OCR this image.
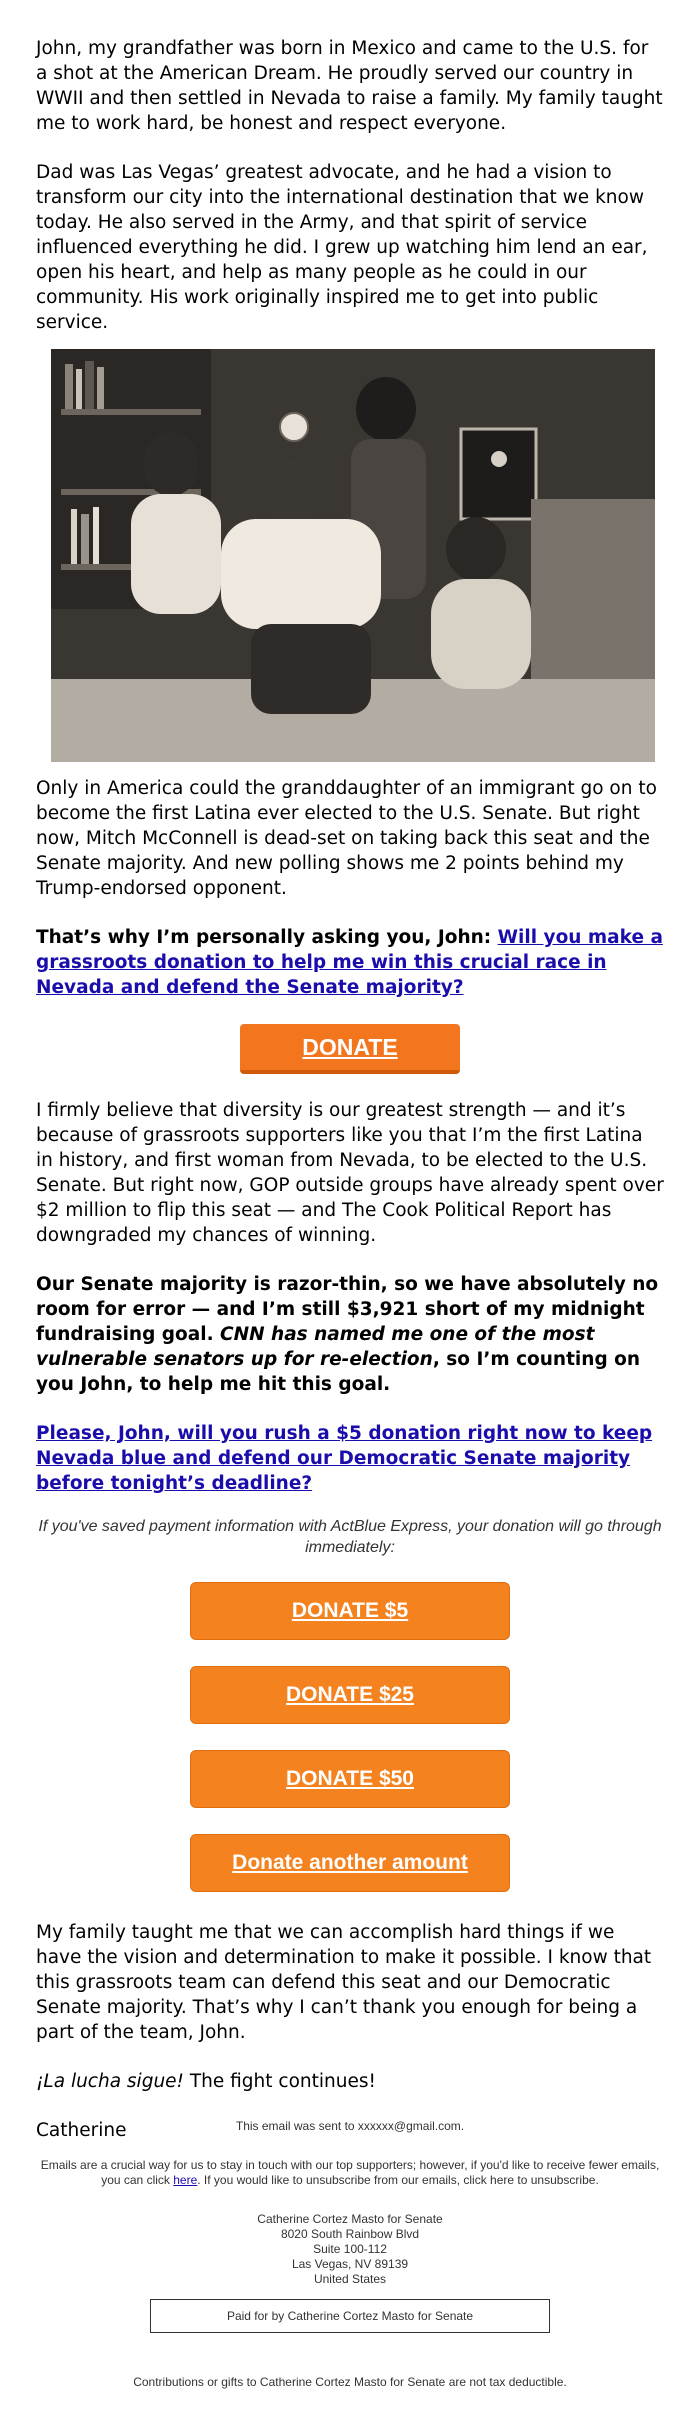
John, my grandfather was born in Mexico and came to the U.S. for a shot at the American Dream. He proudly served our country in WWII and then settled in Nevada to raise a family. My family taught me to work hard, be honest and respect everyone.

Dad was Las Vegas’ greatest advocate, and he had a vision to transform our city into the international destination that we know today. He also served in the Army, and that spirit of service influenced everything he did. I grew up watching him lend an ear, open his heart, and help as many people as he could in our community. His work originally inspired me to get into public service.

Only in America could the granddaughter of an immigrant go on to become the first Latina ever elected to the U.S. Senate. But right now, Mitch McConnell is dead-set on taking back this seat and the Senate majority. And new polling shows me 2 points behind my Trump-endorsed opponent.

That’s why I’m personally asking you, John: Will you make a grassroots donation to help me win this crucial race in Nevada and defend the Senate majority?

DONATE

I firmly believe that diversity is our greatest strength — and it’s because of grassroots supporters like you that I’m the first Latina in history, and first woman from Nevada, to be elected to the U.S. Senate. But right now, GOP outside groups have already spent over $2 million to flip this seat — and The Cook Political Report has downgraded my chances of winning.

Our Senate majority is razor-thin, so we have absolutely no room for error — and I’m still $3,921 short of my midnight fundraising goal. CNN has named me one of the most vulnerable senators up for re-election, so I’m counting on you John, to help me hit this goal.

Please, John, will you rush a $5 donation right now to keep Nevada blue and defend our Democratic Senate majority before tonight’s deadline?

If you've saved payment information with ActBlue Express, your donation will go through immediately:

DONATE $5
DONATE $25
DONATE $50
Donate another amount

My family taught me that we can accomplish hard things if we have the vision and determination to make it possible. I know that this grassroots team can defend this seat and our Democratic Senate majority. That’s why I can’t thank you enough for being a part of the team, John.

¡La lucha sigue! The fight continues!

Catherine	This email was sent to xxxxxx@gmail.com.

Emails are a crucial way for us to stay in touch with our top supporters; however, if you'd like to receive fewer emails, you can click here. If you would like to unsubscribe from our emails, click here to unsubscribe.

Catherine Cortez Masto for Senate
8020 South Rainbow Blvd
Suite 100-112
Las Vegas, NV 89139
United States
Paid for by Catherine Cortez Masto for Senate

Contributions or gifts to Catherine Cortez Masto for Senate are not tax deductible.
